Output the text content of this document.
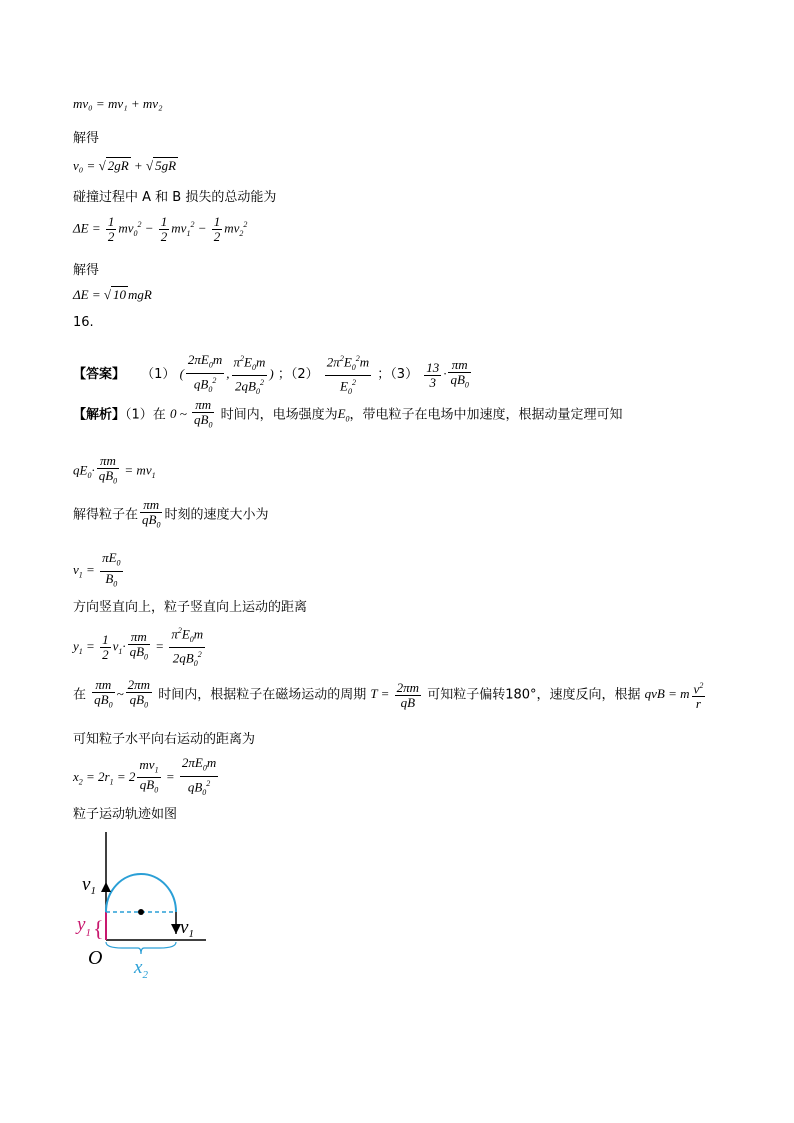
mv₀ = mv₁ + mv₂
解得
v₀ = √ 2gR + √ 5gR
碰撞过程中 A 和 B 损失的总动能为
$\Delta E = \frac{1}{2} mv_0^2 - \frac{1}{2} mv_1^2 - \frac{1}{2} mv_2^2$
解得
ΔE = √ 10 mgR
16.
【答案】 （1） ( $\frac{2\pi E_0m}{qB_0^2}$ , $\frac{\pi^2E_0m}{2qB_0^2}$ ) ；$(2) \frac{2\pi^2E_0^2m}{E_0^2}$ ；$(3) \frac{13}{3} \cdot \frac{\pi m}{qB_0}$
【解析】（1）在 0 ~ $\frac{\pi m}{qB_0}$ 时间内，电场强度为$E_0$，带电粒子在电场中加速度，根据动量定理可知
$qE_0\cdot \frac{\pi m}{qB_0} = mv_1$
解得粒子在 $\frac{\pi m}{qB_0}$ 时刻的速度大小为
$v_1 = \frac{\pi E_0}{B_0}$
方向竖直向上，粒子竖直向上运动的距离
$y_1 = \frac{1}{2} v_1\cdot \frac{\pi m}{qB_0} = \frac{\pi^2E_0m}{2qB_0^2}$
在 $\frac{\pi m}{qB_0}$ ~ $\frac{2\pi m}{qB_0}$ 时间内，根据粒子在磁场运动的周期 $T = \frac{2\pi m}{qB}$ 可知粒子偏转180°，速度反向，根据 qvB = m $\frac{v^2}{r}$
可知粒子水平向右运动的距离为
$x_2 = 2r_1 = 2 \frac{mv_1}{qB_0} = \frac{2\pi E_0m}{qB_0^2}$
粒子运动轨迹如图
$v_1$
$v_1$
$y_1$ {
O $x_2$
